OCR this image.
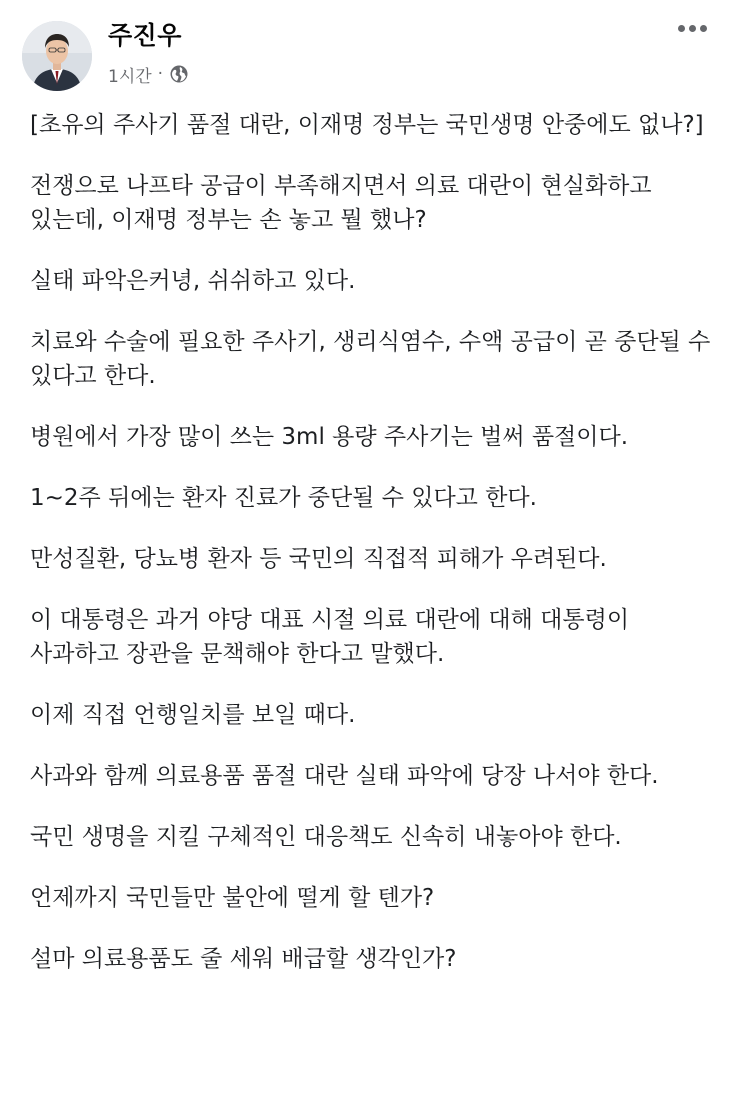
주진우
1시간 ·

[초유의 주사기 품절 대란, 이재명 정부는 국민생명 안중에도 없나?]

전쟁으로 나프타 공급이 부족해지면서 의료 대란이 현실화하고 있는데, 이재명 정부는 손 놓고 뭘 했나?

실태 파악은커녕, 쉬쉬하고 있다.

치료와 수술에 필요한 주사기, 생리식염수, 수액 공급이 곧 중단될 수 있다고 한다.

병원에서 가장 많이 쓰는 3ml 용량 주사기는 벌써 품절이다.

1~2주 뒤에는 환자 진료가 중단될 수 있다고 한다.

만성질환, 당뇨병 환자 등 국민의 직접적 피해가 우려된다.

이 대통령은 과거 야당 대표 시절 의료 대란에 대해 대통령이 사과하고 장관을 문책해야 한다고 말했다.

이제 직접 언행일치를 보일 때다.

사과와 함께 의료용품 품절 대란 실태 파악에 당장 나서야 한다.

국민 생명을 지킬 구체적인 대응책도 신속히 내놓아야 한다.

언제까지 국민들만 불안에 떨게 할 텐가?

설마 의료용품도 줄 세워 배급할 생각인가?
